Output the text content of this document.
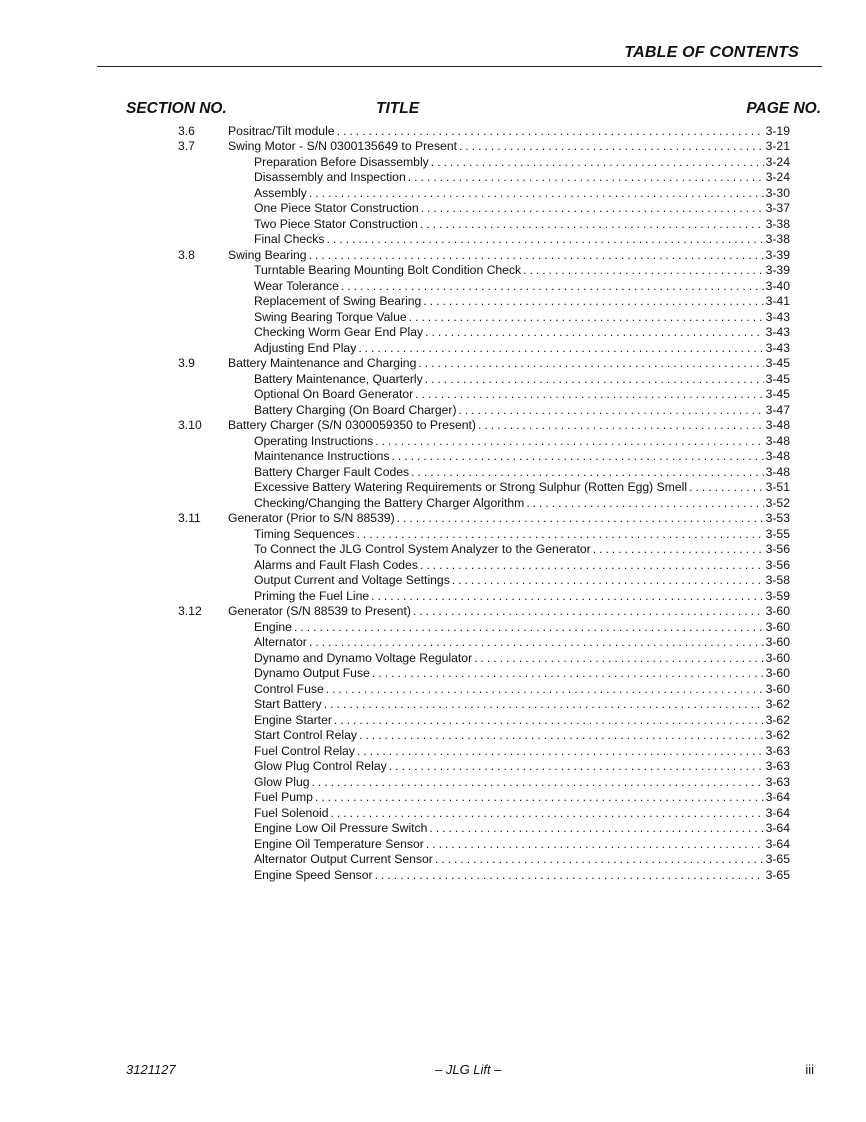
TABLE OF CONTENTS
SECTION NO.	TITLE	PAGE NO.
3.6	Positrac/Tilt module . . .	3-19
3.7	Swing Motor - S/N 0300135649 to Present . . .	3-21
Preparation Before Disassembly . . .	3-24
Disassembly and Inspection . . .	3-24
Assembly . . .	3-30
One Piece Stator Construction . . .	3-37
Two Piece Stator Construction . . .	3-38
Final Checks . . .	3-38
3.8	Swing Bearing . . .	3-39
Turntable Bearing Mounting Bolt Condition Check . . .	3-39
Wear Tolerance . . .	3-40
Replacement of Swing Bearing . . .	3-41
Swing Bearing Torque Value . . .	3-43
Checking Worm Gear End Play . . .	3-43
Adjusting End Play . . .	3-43
3.9	Battery Maintenance and Charging . . .	3-45
Battery Maintenance, Quarterly . . .	3-45
Optional On Board Generator . . .	3-45
Battery Charging (On Board Charger) . . .	3-47
3.10 Battery Charger (S/N 0300059350 to Present) . . .	3-48
Operating Instructions . . .	3-48
Maintenance Instructions . . .	3-48
Battery Charger Fault Codes . . .	3-48
Excessive Battery Watering Requirements or Strong Sulphur (Rotten Egg) Smell . . .	3-51
Checking/Changing the Battery Charger Algorithm . . .	3-52
3.11 Generator (Prior to S/N 88539) . . .	3-53
Timing Sequences . . .	3-55
To Connect the JLG Control System Analyzer to the Generator . . .	3-56
Alarms and Fault Flash Codes . . .	3-56
Output Current and Voltage Settings . . .	3-58
Priming the Fuel Line . . .	3-59
3.12 Generator (S/N 88539 to Present) . . .	3-60
Engine . . .	3-60
Alternator . . .	3-60
Dynamo and Dynamo Voltage Regulator . . .	3-60
Dynamo Output Fuse . . .	3-60
Control Fuse . . .	3-60
Start Battery . . .	3-62
Engine Starter . . .	3-62
Start Control Relay . . .	3-62
Fuel Control Relay . . .	3-63
Glow Plug Control Relay . . .	3-63
Glow Plug . . .	3-63
Fuel Pump . . .	3-64
Fuel Solenoid . . .	3-64
Engine Low Oil Pressure Switch . . .	3-64
Engine Oil Temperature Sensor . . .	3-64
Alternator Output Current Sensor . . .	3-65
Engine Speed Sensor . . .	3-65
3121127	– JLG Lift –	iii
